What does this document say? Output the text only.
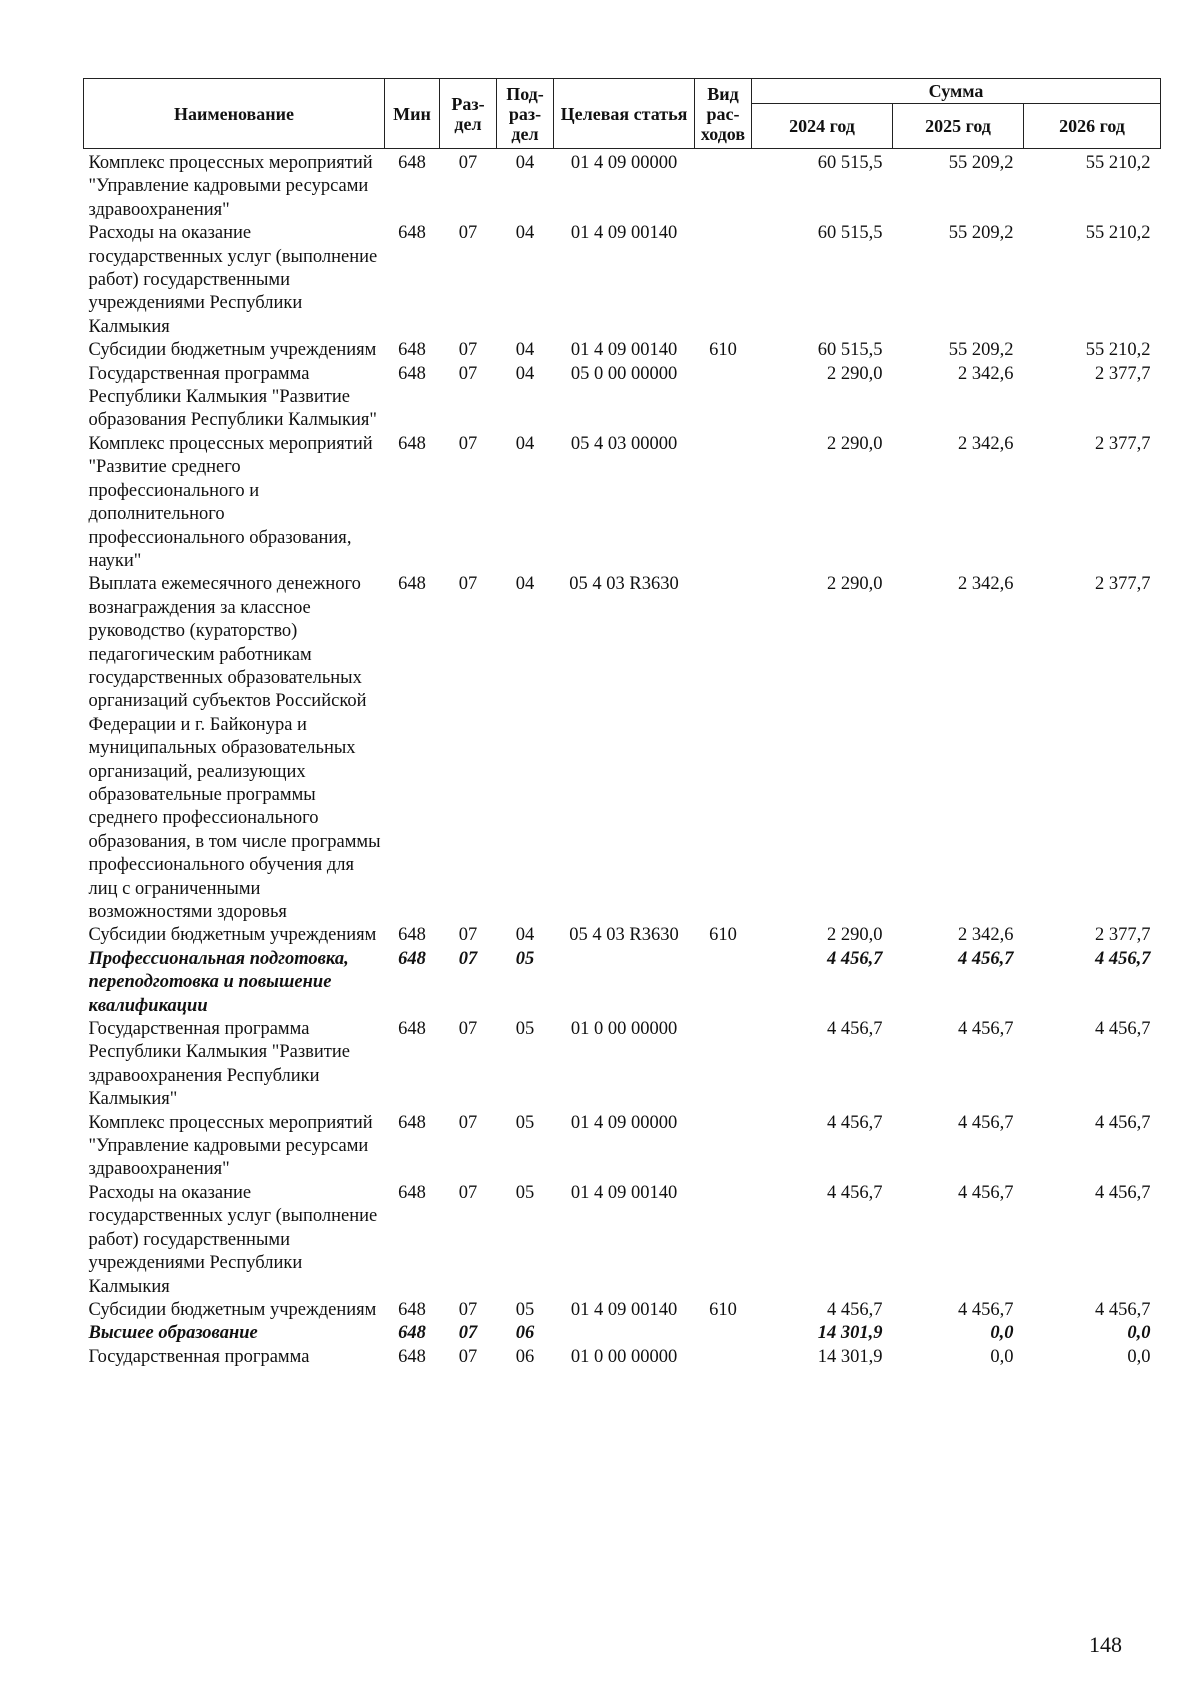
Наименование	Мин	Раз-дел	Под-раз-дел	Целевая статья	Вид рас-ходов	Сумма		
						2024 год	2025 год	2026 год

Комплекс процессных мероприятий "Управление кадровыми ресурсами здравоохранения"	648	07	04	01 4 09 00000		60 515,5	55 209,2	55 210,2
Расходы на оказание государственных услуг (выполнение работ) государственными учреждениями Республики Калмыкия	648	07	04	01 4 09 00140		60 515,5	55 209,2	55 210,2
Субсидии бюджетным учреждениям	648	07	04	01 4 09 00140	610	60 515,5	55 209,2	55 210,2
Государственная программа Республики Калмыкия "Развитие образования Республики Калмыкия"	648	07	04	05 0 00 00000		2 290,0	2 342,6	2 377,7
Комплекс процессных мероприятий "Развитие среднего профессионального и дополнительного профессионального образования, науки"	648	07	04	05 4 03 00000		2 290,0	2 342,6	2 377,7
Выплата ежемесячного денежного вознаграждения за классное руководство (кураторство) педагогическим работникам государственных образовательных организаций субъектов Российской Федерации и г. Байконура и муниципальных образовательных организаций, реализующих образовательные программы среднего профессионального образования, в том числе программы профессионального обучения для лиц с ограниченными возможностями здоровья	648	07	04	05 4 03 R3630		2 290,0	2 342,6	2 377,7
Субсидии бюджетным учреждениям	648	07	04	05 4 03 R3630	610	2 290,0	2 342,6	2 377,7
Профессиональная подготовка, переподготовка и повышение квалификации	648	07	05			4 456,7	4 456,7	4 456,7
Государственная программа Республики Калмыкия "Развитие здравоохранения Республики Калмыкия"	648	07	05	01 0 00 00000		4 456,7	4 456,7	4 456,7
Комплекс процессных мероприятий "Управление кадровыми ресурсами здравоохранения"	648	07	05	01 4 09 00000		4 456,7	4 456,7	4 456,7
Расходы на оказание государственных услуг (выполнение работ) государственными учреждениями Республики Калмыкия	648	07	05	01 4 09 00140		4 456,7	4 456,7	4 456,7
Субсидии бюджетным учреждениям	648	07	05	01 4 09 00140	610	4 456,7	4 456,7	4 456,7
Высшее образование	648	07	06			14 301,9	0,0	0,0
Государственная программа	648	07	06	01 0 00 00000		14 301,9	0,0	0,0
148
